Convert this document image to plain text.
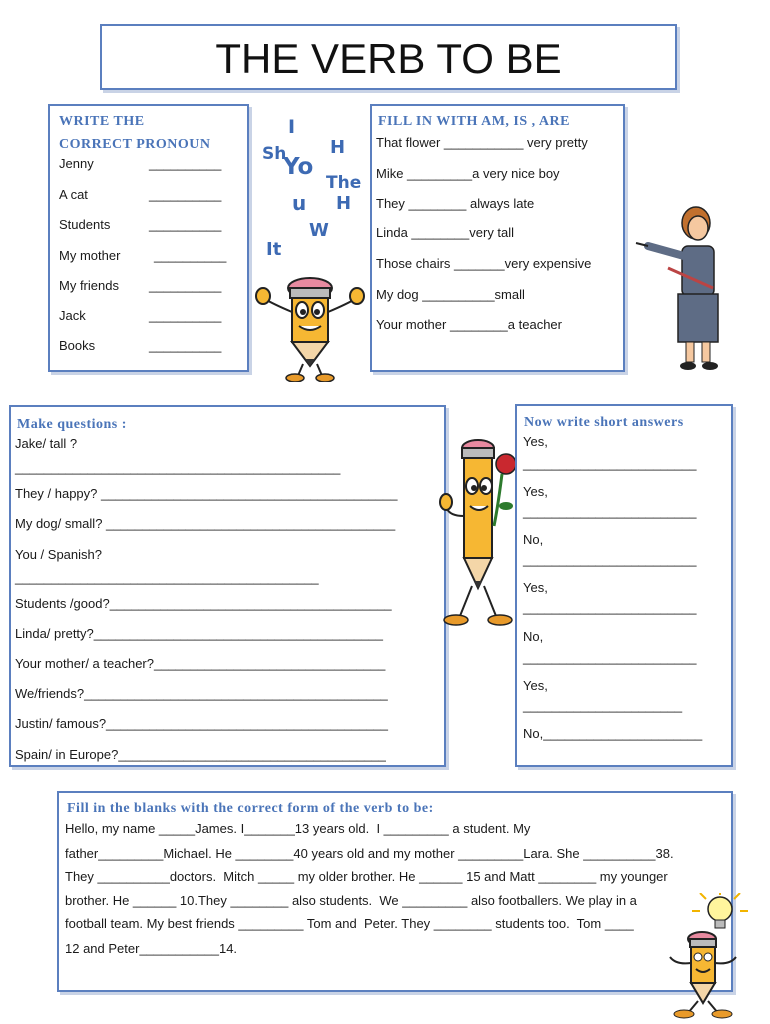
THE VERB TO BE
WRITE THE
CORRECT PRONOUN
Jenny	__________
A cat	__________
Students	__________
My mother	__________
My friends __________
Jack	__________
Books	__________
I
Sh H
Yo
The
u H
W
It
FILL IN WITH AM, IS , ARE
That flower ___________ very pretty
Mike _________a very nice boy
They ________ always late
Linda ________very tall
Those chairs _______very expensive
My dog __________small
Your mother ________a teacher
Make questions :
Jake/ tall ?
_____________________________________________
They / happy? _________________________________________
My dog/ small? ________________________________________
You / Spanish?
__________________________________________
Students /good?_______________________________________
Linda/ pretty?________________________________________
Your mother/ a teacher?________________________________
We/friends?__________________________________________
Justin/ famous?_______________________________________
Spain/ in Europe?_____________________________________
Now write short answers
Yes,
________________________
Yes,
________________________
No,
________________________
Yes,
________________________
No,
________________________
Yes,
______________________
No,______________________
Fill in the blanks with the correct form of the verb to be:
Hello, my name _____James. I_______13 years old.  I _________ a student. My
father_________Michael. He ________40 years old and my mother _________Lara. She __________38.
They __________doctors.  Mitch _____ my older brother. He ______ 15 and Matt ________ my younger
brother. He ______ 10.They ________ also students.  We _________ also footballers. We play in a
football team. My best friends _________ Tom and  Peter. They ________ students too.  Tom ____
12 and Peter___________14.
